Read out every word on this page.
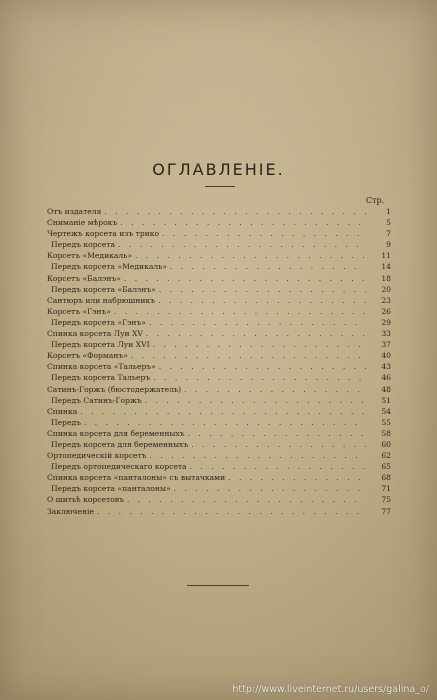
ОГЛАВЛЕНІЕ.
Стр.
Отъ издателя . . .	1
Сниманіе мѣрокъ . . .	5
Чертежъ корсета изъ трико . . .	7
Передъ корсета . . .	9
Корсетъ «Медикаль» . . .	11
Передъ корсета «Медикаль» . . .	14
Корсетъ «Балэнъ» . . .	18
Передъ корсета «Балэнъ» . . .	20
Сантюръ или набрюшникъ . . .	23
Корсетъ «Гэнъ» . . .	26
Передъ корсета «Гэнъ» . . .	29
Спинка корсета Луи XV . . .	33
Передъ корсета Луи XVI . . .	37
Корсетъ «Форманъ» . . .	40
Спинка корсета «Тальеръ» . . .	43
Передъ корсета Тальеръ . . .	46
Сатинъ-Горжъ (бюстодержатель) . . .	48
Передъ Сатинъ-Горжъ . . .	51
Спинка . . .	54
Передъ . . .	55
Спинка корсета для беременныхъ . . .	58
Передъ корсета для беременныхъ . . .	60
Ортопедическій корсетъ . . .	62
Передъ ортопедическаго корсета . . .	65
Спинка корсета «панталоны» съ вытачками . . .	68
Передъ корсета «панталоны» . . .	71
О шитьѣ корсетовъ . . .	75
Заключеніе . . .	77
http://www.liveinternet.ru/users/galina_o/
